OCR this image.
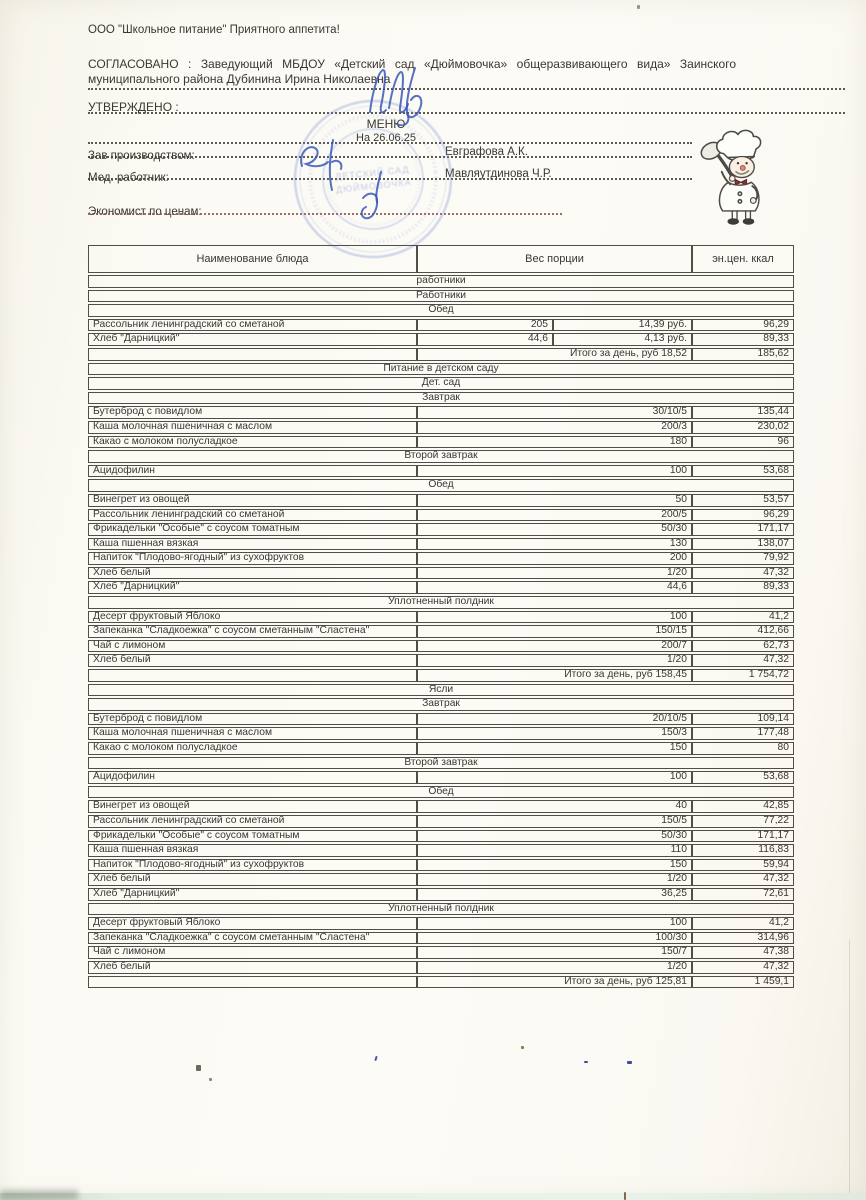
ООО "Школьное питание" Приятного аппетита!
СОГЛАСОВАНО : Заведующий МБДОУ «Детский сад «Дюймовочка» общеразвивающего вида» Заинского муниципального района Дубинина Ирина Николаевна
УТВЕРЖДЕНО :
МЕНЮ
На 26.06.25
Зав производством:	Евграфова А.К.
Мед. работник:	Мавляутдинова Ч.Р.
Экономист по ценам:
ДЕТСКИЙ САД
ДЮЙМОВОЧКА
Наименование блюда	Вес порции		эн.цен. ккал
работники			
Работники			
Обед			
Рассольник ленинградский со сметаной	205	14,39 руб.	96,29
Хлеб "Дарницкий"	44,6	4,13 руб.	89,33
	Итого за день, руб 18,52		185,62
Питание в детском саду			
Дет. сад			
Завтрак			
Бутерброд с повидлом	30/10/5		135,44
Каша молочная пшеничная с маслом	200/3		230,02
Какао с молоком полусладкое	180		96
Второй завтрак			
Ацидофилин	100		53,68
Обед			
Винегрет из овощей	50		53,57
Рассольник ленинградский со сметаной	200/5		96,29
Фрикадельки "Особые" с соусом томатным	50/30		171,17
Каша пшенная вязкая	130		138,07
Напиток "Плодово-ягодный" из сухофруктов	200		79,92
Хлеб белый	1/20		47,32
Хлеб "Дарницкий"	44,6		89,33
Уплотненный полдник			
Десерт фруктовый Яблоко	100		41,2
Запеканка "Сладкоежка" с соусом сметанным "Сластена"	150/15		412,66
Чай с лимоном	200/7		62,73
Хлеб белый	1/20		47,32
	Итого за день, руб 158,45		1 754,72
Ясли			
Завтрак			
Бутерброд с повидлом	20/10/5		109,14
Каша молочная пшеничная с маслом	150/3		177,48
Какао с молоком полусладкое	150		80
Второй завтрак			
Ацидофилин	100		53,68
Обед			
Винегрет из овощей	40		42,85
Рассольник ленинградский со сметаной	150/5		77,22
Фрикадельки "Особые" с соусом томатным	50/30		171,17
Каша пшенная вязкая	110		116,83
Напиток "Плодово-ягодный" из сухофруктов	150		59,94
Хлеб белый	1/20		47,32
Хлеб "Дарницкий"	36,25		72,61
Уплотненный полдник			
Десерт фруктовый Яблоко	100		41,2
Запеканка "Сладкоежка" с соусом сметанным "Сластена"	100/30		314,96
Чай с лимоном	150/7		47,38
Хлеб белый	1/20		47,32
	Итого за день, руб 125,81		1 459,1
